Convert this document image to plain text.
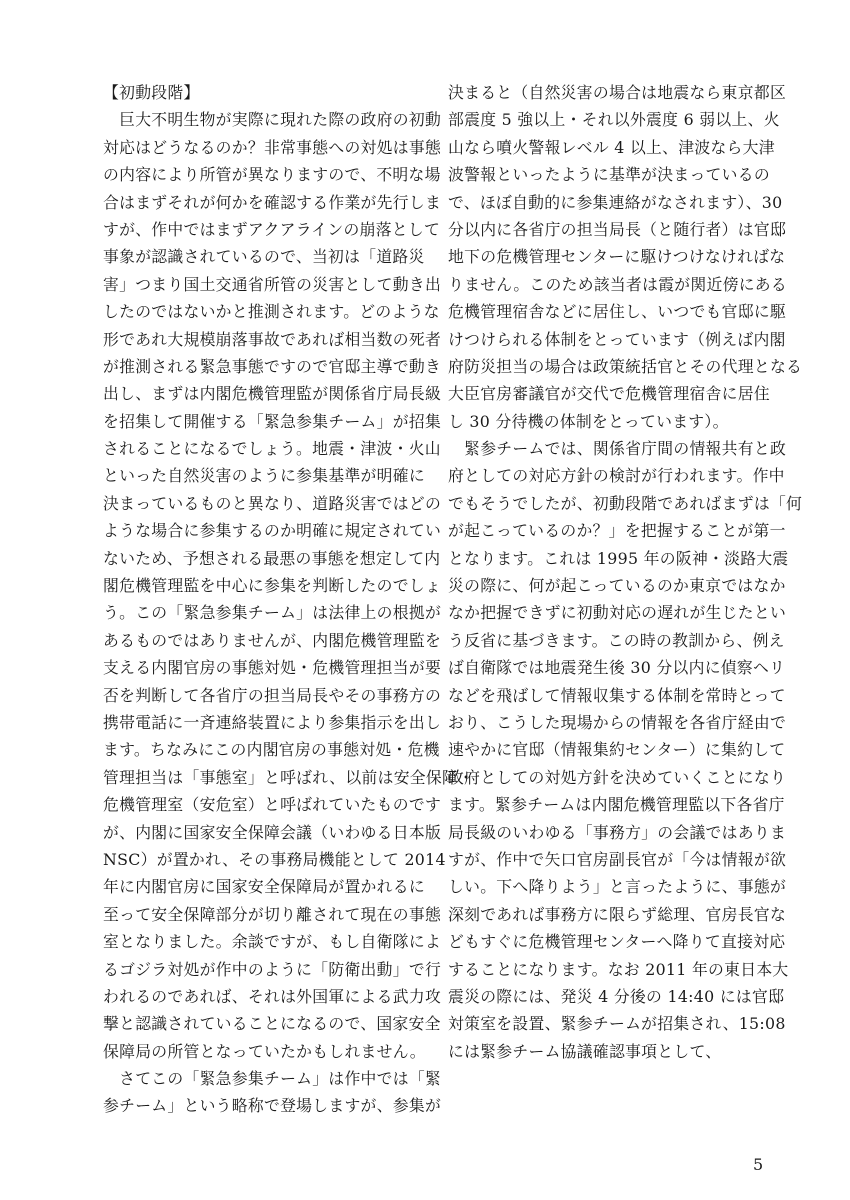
【初動段階】
　巨大不明生物が実際に現れた際の政府の初動
対応はどうなるのか？非常事態への対処は事態
の内容により所管が異なりますので、不明な場
合はまずそれが何かを確認する作業が先行しま
すが、作中ではまずアクアラインの崩落として
事象が認識されているので、当初は「道路災
害」つまり国土交通省所管の災害として動き出
したのではないかと推測されます。どのような
形であれ大規模崩落事故であれば相当数の死者
が推測される緊急事態ですので官邸主導で動き
出し、まずは内閣危機管理監が関係省庁局長級
を招集して開催する「緊急参集チーム」が招集
されることになるでしょう。地震・津波・火山
といった自然災害のように参集基準が明確に
決まっているものと異なり、道路災害ではどの
ような場合に参集するのか明確に規定されてい
ないため、予想される最悪の事態を想定して内
閣危機管理監を中心に参集を判断したのでしょ
う。この「緊急参集チーム」は法律上の根拠が
あるものではありませんが、内閣危機管理監を
支える内閣官房の事態対処・危機管理担当が要
否を判断して各省庁の担当局長やその事務方の
携帯電話に一斉連絡装置により参集指示を出し
ます。ちなみにこの内閣官房の事態対処・危機
管理担当は「事態室」と呼ばれ、以前は安全保障・
危機管理室（安危室）と呼ばれていたものです
が、内閣に国家安全保障会議（いわゆる日本版
NSC）が置かれ、その事務局機能として 2014
年に内閣官房に国家安全保障局が置かれるに
至って安全保障部分が切り離されて現在の事態
室となりました。余談ですが、もし自衛隊によ
るゴジラ対処が作中のように「防衛出動」で行
われるのであれば、それは外国軍による武力攻
撃と認識されていることになるので、国家安全
保障局の所管となっていたかもしれません。
　さてこの「緊急参集チーム」は作中では「緊
参チーム」という略称で登場しますが、参集が
決まると（自然災害の場合は地震なら東京都区
部震度 5 強以上・それ以外震度 6 弱以上、火
山なら噴火警報レベル 4 以上、津波なら大津
波警報といったように基準が決まっているの
で、ほぼ自動的に参集連絡がなされます）、30
分以内に各省庁の担当局長（と随行者）は官邸
地下の危機管理センターに駆けつけなければな
りません。このため該当者は霞が関近傍にある
危機管理宿舎などに居住し、いつでも官邸に駆
けつけられる体制をとっています（例えば内閣
府防災担当の場合は政策統括官とその代理となる
大臣官房審議官が交代で危機管理宿舎に居住
し 30 分待機の体制をとっています）。
　緊参チームでは、関係省庁間の情報共有と政
府としての対応方針の検討が行われます。作中
でもそうでしたが、初動段階であればまずは「何
が起こっているのか？」を把握することが第一
となります。これは 1995 年の阪神・淡路大震
災の際に、何が起こっているのか東京ではなか
なか把握できずに初動対応の遅れが生じたとい
う反省に基づきます。この時の教訓から、例え
ば自衛隊では地震発生後 30 分以内に偵察ヘリ
などを飛ばして情報収集する体制を常時とって
おり、こうした現場からの情報を各省庁経由で
速やかに官邸（情報集約センター）に集約して
政府としての対処方針を決めていくことになり
ます。緊参チームは内閣危機管理監以下各省庁
局長級のいわゆる「事務方」の会議ではありま
すが、作中で矢口官房副長官が「今は情報が欲
しい。下へ降りよう」と言ったように、事態が
深刻であれば事務方に限らず総理、官房長官な
どもすぐに危機管理センターへ降りて直接対応
することになります。なお 2011 年の東日本大
震災の際には、発災 4 分後の 14:40 には官邸
対策室を設置、緊参チームが招集され、15:08
には緊参チーム協議確認事項として、
5
